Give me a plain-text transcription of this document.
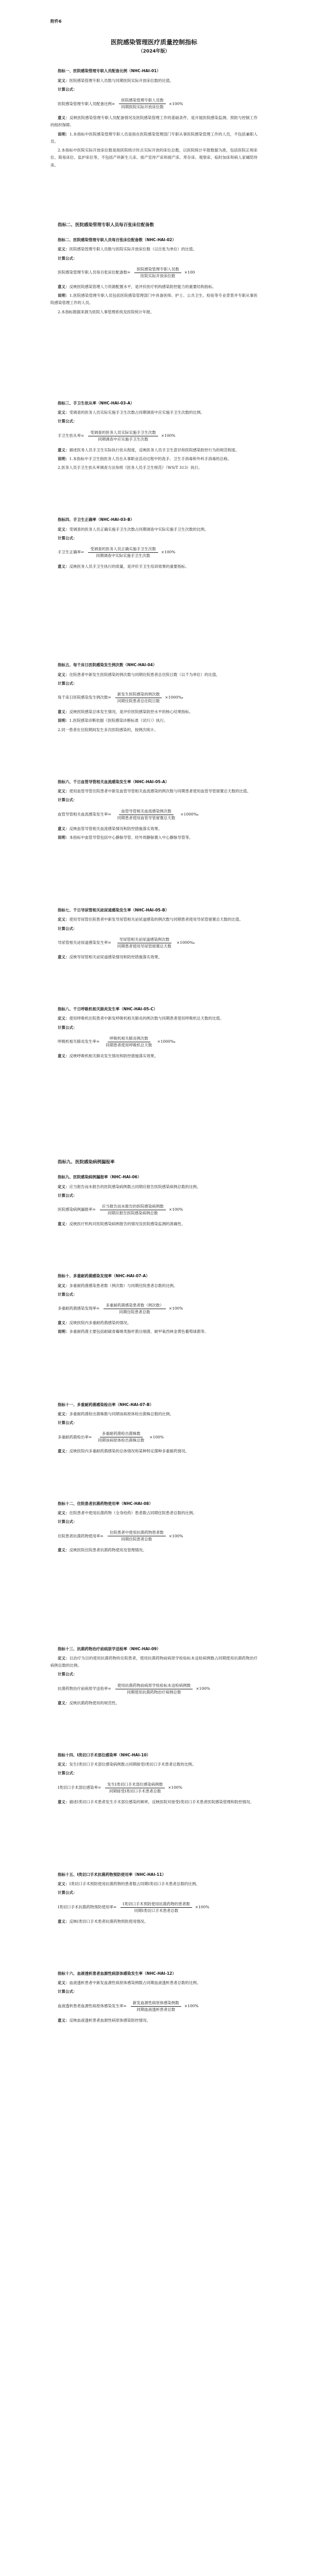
附件6
医院感染管理医疗质量控制指标
（2024年版）
指标一、医院感染管理专职人员配备比例（NHC-HAI-01）

定义：医院感染管理专职人员数与同期医院实际开放床位数的比值。

计算公式：

医院感染管理专职人员配备比例= $\frac{\text{医院感染管理专职人员数}}{\text{同期医院实际开放床位数}} \times 100\%$

意义：反映医院感染管理专职人员配备情况及医院感染管理工作的基础条件，是开展医院感染监测、预防与控制工作的组织保障。

说明：1.本指标中医院感染管理专职人员是指在医院感染管理部门专职从事医院感染管理工作的人员，不包括兼职人员。

2.本指标中医院实际开放床位数是指医院统计时点实际开放的床位总数，以医院统计年报数据为准，包括医院正规床位、简易床位、监护床位等，不包括产科新生儿床、接产室待产床和接产床、库存床、观察床、临时加床和病人家属陪侍床。

指标二、医院感染管理专职人员每百张床位配备数
指标二、医院感染管理专职人员每百张床位配备数（NHC-HAI-02）

定义：医院感染管理专职人员数与医院实际开放床位数（以百张为单位）的比值。

计算公式：

医院感染管理专职人员每百张床位配备数= $\frac{\text{医院感染管理专职人员数}}{\text{医院实际开放床位数}} \times 100$

意义：反映医院感染管理人力资源配置水平，是评价医疗机构感染防控能力的重要结构指标。

说明：1.医院感染管理专职人员包括医院感染管理部门中具备医师、护士、公共卫生、检验等专业背景并专职从事医院感染管理工作的人员。

2.本指标数据来源为医院人事管理系统及医院统计年报。

指标三、手卫生依从率（NHC-HAI-03-A）

定义：受调查的医务人员实际实施手卫生次数占同期调查中应实施手卫生次数的比例。

计算公式：

手卫生依从率= $\frac{\text{受调查的医务人员实际实施手卫生次数}}{\text{同期调查中应实施手卫生次数}} \times 100\%$

意义：描述医务人员手卫生实际执行依从程度，反映医务人员手卫生意识和医院感染防控行为的规范程度。

说明：1.本指标中手卫生指医务人员在从事职业活动过程中的洗手、卫生手消毒和外科手消毒的总称。

2.医务人员手卫生依从率调查方法参照《医务人员手卫生规范》（WS/T 313）执行。

指标四、手卫生正确率（NHC-HAI-03-B）

定义：受调查的医务人员正确实施手卫生次数占同期调查中实际实施手卫生次数的比例。

计算公式：

手卫生正确率= $\frac{\text{受调查的医务人员正确实施手卫生次数}}{\text{同期调查中实际实施手卫生次数}} \times 100\%$

意义：反映医务人员手卫生执行的质量，是评价手卫生培训效果的重要指标。

指标五、每千床日医院感染发生例次数（NHC-HAI-04）

定义：住院患者中新发生医院感染的例次数与同期住院患者总住院日数（以千为单位）的比值。

计算公式：

每千床日医院感染发生例次数= $\frac{\text{新发生医院感染的例次数}}{\text{同期住院患者总住院日数}}$ ×1000‰

意义：反映医院感染总体发生情况，是评价医院感染防控水平的核心结果指标。

说明：1.医院感染诊断依据《医院感染诊断标准（试行）》执行。

2.同一患者在住院期间发生多次医院感染的，按例次统计。

指标六、千日血管导管相关血流感染发生率（NHC-HAI-05-A）

定义：使用血管导管住院患者中新发血管导管相关血流感染的例次数与同期患者使用血管导管留置总天数的比值。

计算公式：

血管导管相关血流感染发生率= $\frac{\text{血管导管相关血流感染例次数}}{\text{同期患者使用血管导管留置总天数}}$ ×1000‰

意义：反映血管导管相关血流感染情况和防控措施落实效果。

说明：本指标中血管导管包括中心静脉导管、经外周静脉置入中心静脉导管等。

指标七、千日导尿管相关泌尿道感染发生率（NHC-HAI-05-B）

定义：使用导尿管住院患者中新发导尿管相关泌尿道感染的例次数与同期患者使用导尿管留置总天数的比值。

计算公式：

导尿管相关泌尿道感染发生率= $\frac{\text{导尿管相关泌尿道感染例次数}}{\text{同期患者使用导尿管留置总天数}}$ ×1000‰

意义：反映导尿管相关泌尿道感染情况和防控措施落实效果。

指标八、千日呼吸机相关肺炎发生率（NHC-HAI-05-C）

定义：使用呼吸机住院患者中新发呼吸机相关肺炎的例次数与同期患者使用呼吸机总天数的比值。

计算公式：

呼吸机相关肺炎发生率= $\frac{\text{呼吸机相关肺炎例次数}}{\text{同期患者使用呼吸机总天数}}$ ×1000‰

意义：反映呼吸机相关肺炎发生情况和防控措施落实效果。

指标九、医院感染病例漏报率
指标九、医院感染病例漏报率（NHC-HAI-06）

定义：应当报告而未报告的医院感染病例数占同期应报告医院感染病例总数的比例。

计算公式：

医院感染病例漏报率= $\frac{\text{应当报告而未报告的医院感染病例数}}{\text{同期应报告医院感染病例总数}} \times 100\%$

意义：反映医疗机构对医院感染病例报告的情况及医院感染监测的准确性。

指标十、多重耐药菌感染发现率（NHC-HAI-07-A）

定义：多重耐药菌感染患者数（例次数）与同期住院患者总数的比例。

计算公式：

多重耐药菌感染发现率= $\frac{\text{多重耐药菌感染患者数（例次数）}}{\text{同期住院患者总数}} \times 100\%$

意义：反映医院内多重耐药菌感染的情况。

说明：多重耐药菌主要包括耐碳青霉烯类肠杆菌目细菌、耐甲氧西林金黄色葡萄球菌等。

指标十一、多重耐药菌感染检出率（NHC-HAI-07-B）

定义：多重耐药菌检出菌株数与同期该病原体检出菌株总数的比例。

计算公式：

多重耐药菌检出率= $\frac{\text{多重耐药菌检出菌株数}}{\text{同期该病原体检出菌株总数}} \times 100\%$

意义：反映医院内多重耐药菌感染的总体情况和某种特定菌种多重耐药情况。

指标十二、住院患者抗菌药物使用率（NHC-HAI-08）

定义：住院患者中使用抗菌药物（全身给药）患者数占同期住院患者总数的比例。

计算公式：

住院患者抗菌药物使用率= $\frac{\text{住院患者中使用抗菌药物患者数}}{\text{同期住院患者总数}} \times 100\%$

意义：反映医院住院患者抗菌药物使用及管理情况。

指标十三、抗菌药物治疗前病原学送检率（NHC-HAI-09）

定义：以治疗为目的使用抗菌药物的住院患者，使用抗菌药物前病原学检验标本送检病例数占同期使用抗菌药物治疗病例总数的比例。

计算公式：

抗菌药物治疗前病原学送检率= $\frac{\text{使用抗菌药物前病原学检验标本送检病例数}}{\text{同期使用抗菌药物治疗病例总数}} \times 100\%$

意义：反映抗菌药物使用的规范性。

指标十四、Ⅰ类切口手术部位感染率（NHC-HAI-10）

定义：发生Ⅰ类切口手术部位感染病例数占同期接受Ⅰ类切口手术患者总数的比例。

计算公式：

Ⅰ类切口手术部位感染率= $\frac{\text{发生Ⅰ类切口手术部位感染病例数}}{\text{同期接受Ⅰ类切口手术患者总数}} \times 100\%$

意义：描述Ⅰ类切口手术患者发生手术部位感染的频率，反映医院对接受Ⅰ类切口手术患者医院感染管理和防控情况。

指标十五、Ⅰ类切口手术抗菌药物预防使用率（NHC-HAI-11）

定义：Ⅰ类切口手术预防使用抗菌药物的患者数占同期Ⅰ类切口手术患者总数的比例。

计算公式：

Ⅰ类切口手术抗菌药物预防使用率= $\frac{\text{Ⅰ类切口手术预防使用抗菌药物的患者数}}{\text{同期Ⅰ类切口手术患者总数}} \times 100\%$

意义：反映Ⅰ类切口手术患者抗菌药物预防使用情况。

指标十六、血液透析患者血源性病原体感染发生率（NHC-HAI-12）

定义：血液透析患者中新发血源性病原体感染例数占同期血液透析患者总数的比例。

计算公式：

血液透析患者血源性病原体感染发生率= $\frac{\text{新发血源性病原体感染例数}}{\text{同期血液透析患者总数}} \times 100\%$

意义：反映血液透析患者血源性病原体感染防控情况。
